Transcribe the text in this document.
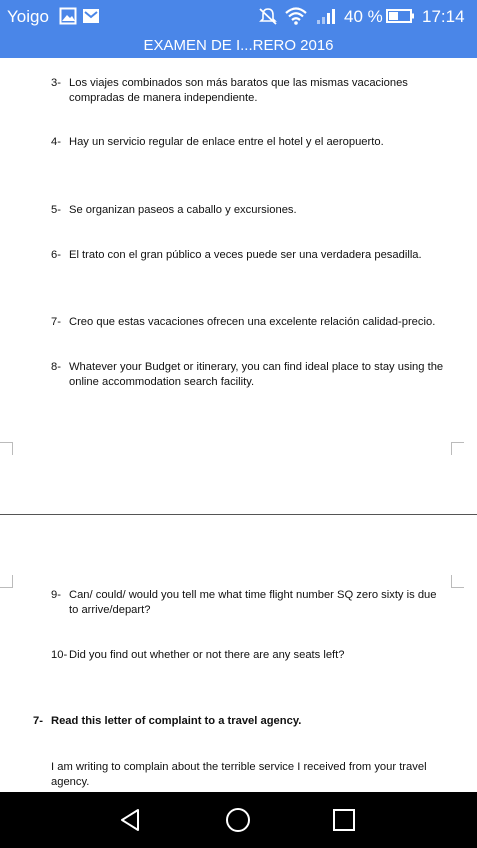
Yoigo	40 % 17:14
EXAMEN DE I...RERO 2016
3- Los viajes combinados son más baratos que las mismas vacaciones
compradas de manera independiente.
4- Hay un servicio regular de enlace entre el hotel y el aeropuerto.
5- Se organizan paseos a caballo y excursiones.
6- El trato con el gran público a veces puede ser una verdadera pesadilla.
7- Creo que estas vacaciones ofrecen una excelente relación calidad-precio.
8- Whatever your Budget or itinerary, you can find ideal place to stay using the
online accommodation search facility.
9- Can/ could/ would you tell me what time flight number SQ zero sixty is due
to arrive/depart?
10- Did you find out whether or not there are any seats left?
7- Read this letter of complaint to a travel agency.
I am writing to complain about the terrible service I received from your travel
agency.
